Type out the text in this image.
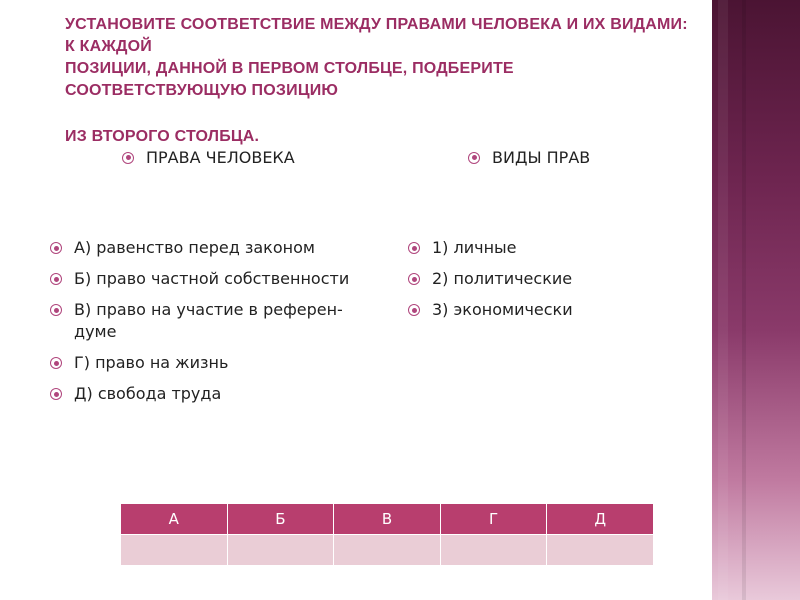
УСТАНОВИТЕ СООТВЕТСТВИЕ МЕЖДУ ПРАВАМИ ЧЕЛОВЕКА И ИХ ВИДАМИ: К КАЖДОЙ
ПОЗИЦИИ, ДАННОЙ В ПЕРВОМ СТОЛБЦЕ, ПОДБЕРИТЕ СООТВЕТСТВУЮЩУЮ ПОЗИЦИЮ
ИЗ ВТОРОГО СТОЛБЦА.
ПРАВА ЧЕЛОВЕКА	ВИДЫ ПРАВ
А) равенство перед законом
Б) право частной собственности
В) право на участие в референ-думе
Г) право на жизнь
Д) свобода труда
1) личные
2) политические
3) экономически
А	Б	В	Г	Д
